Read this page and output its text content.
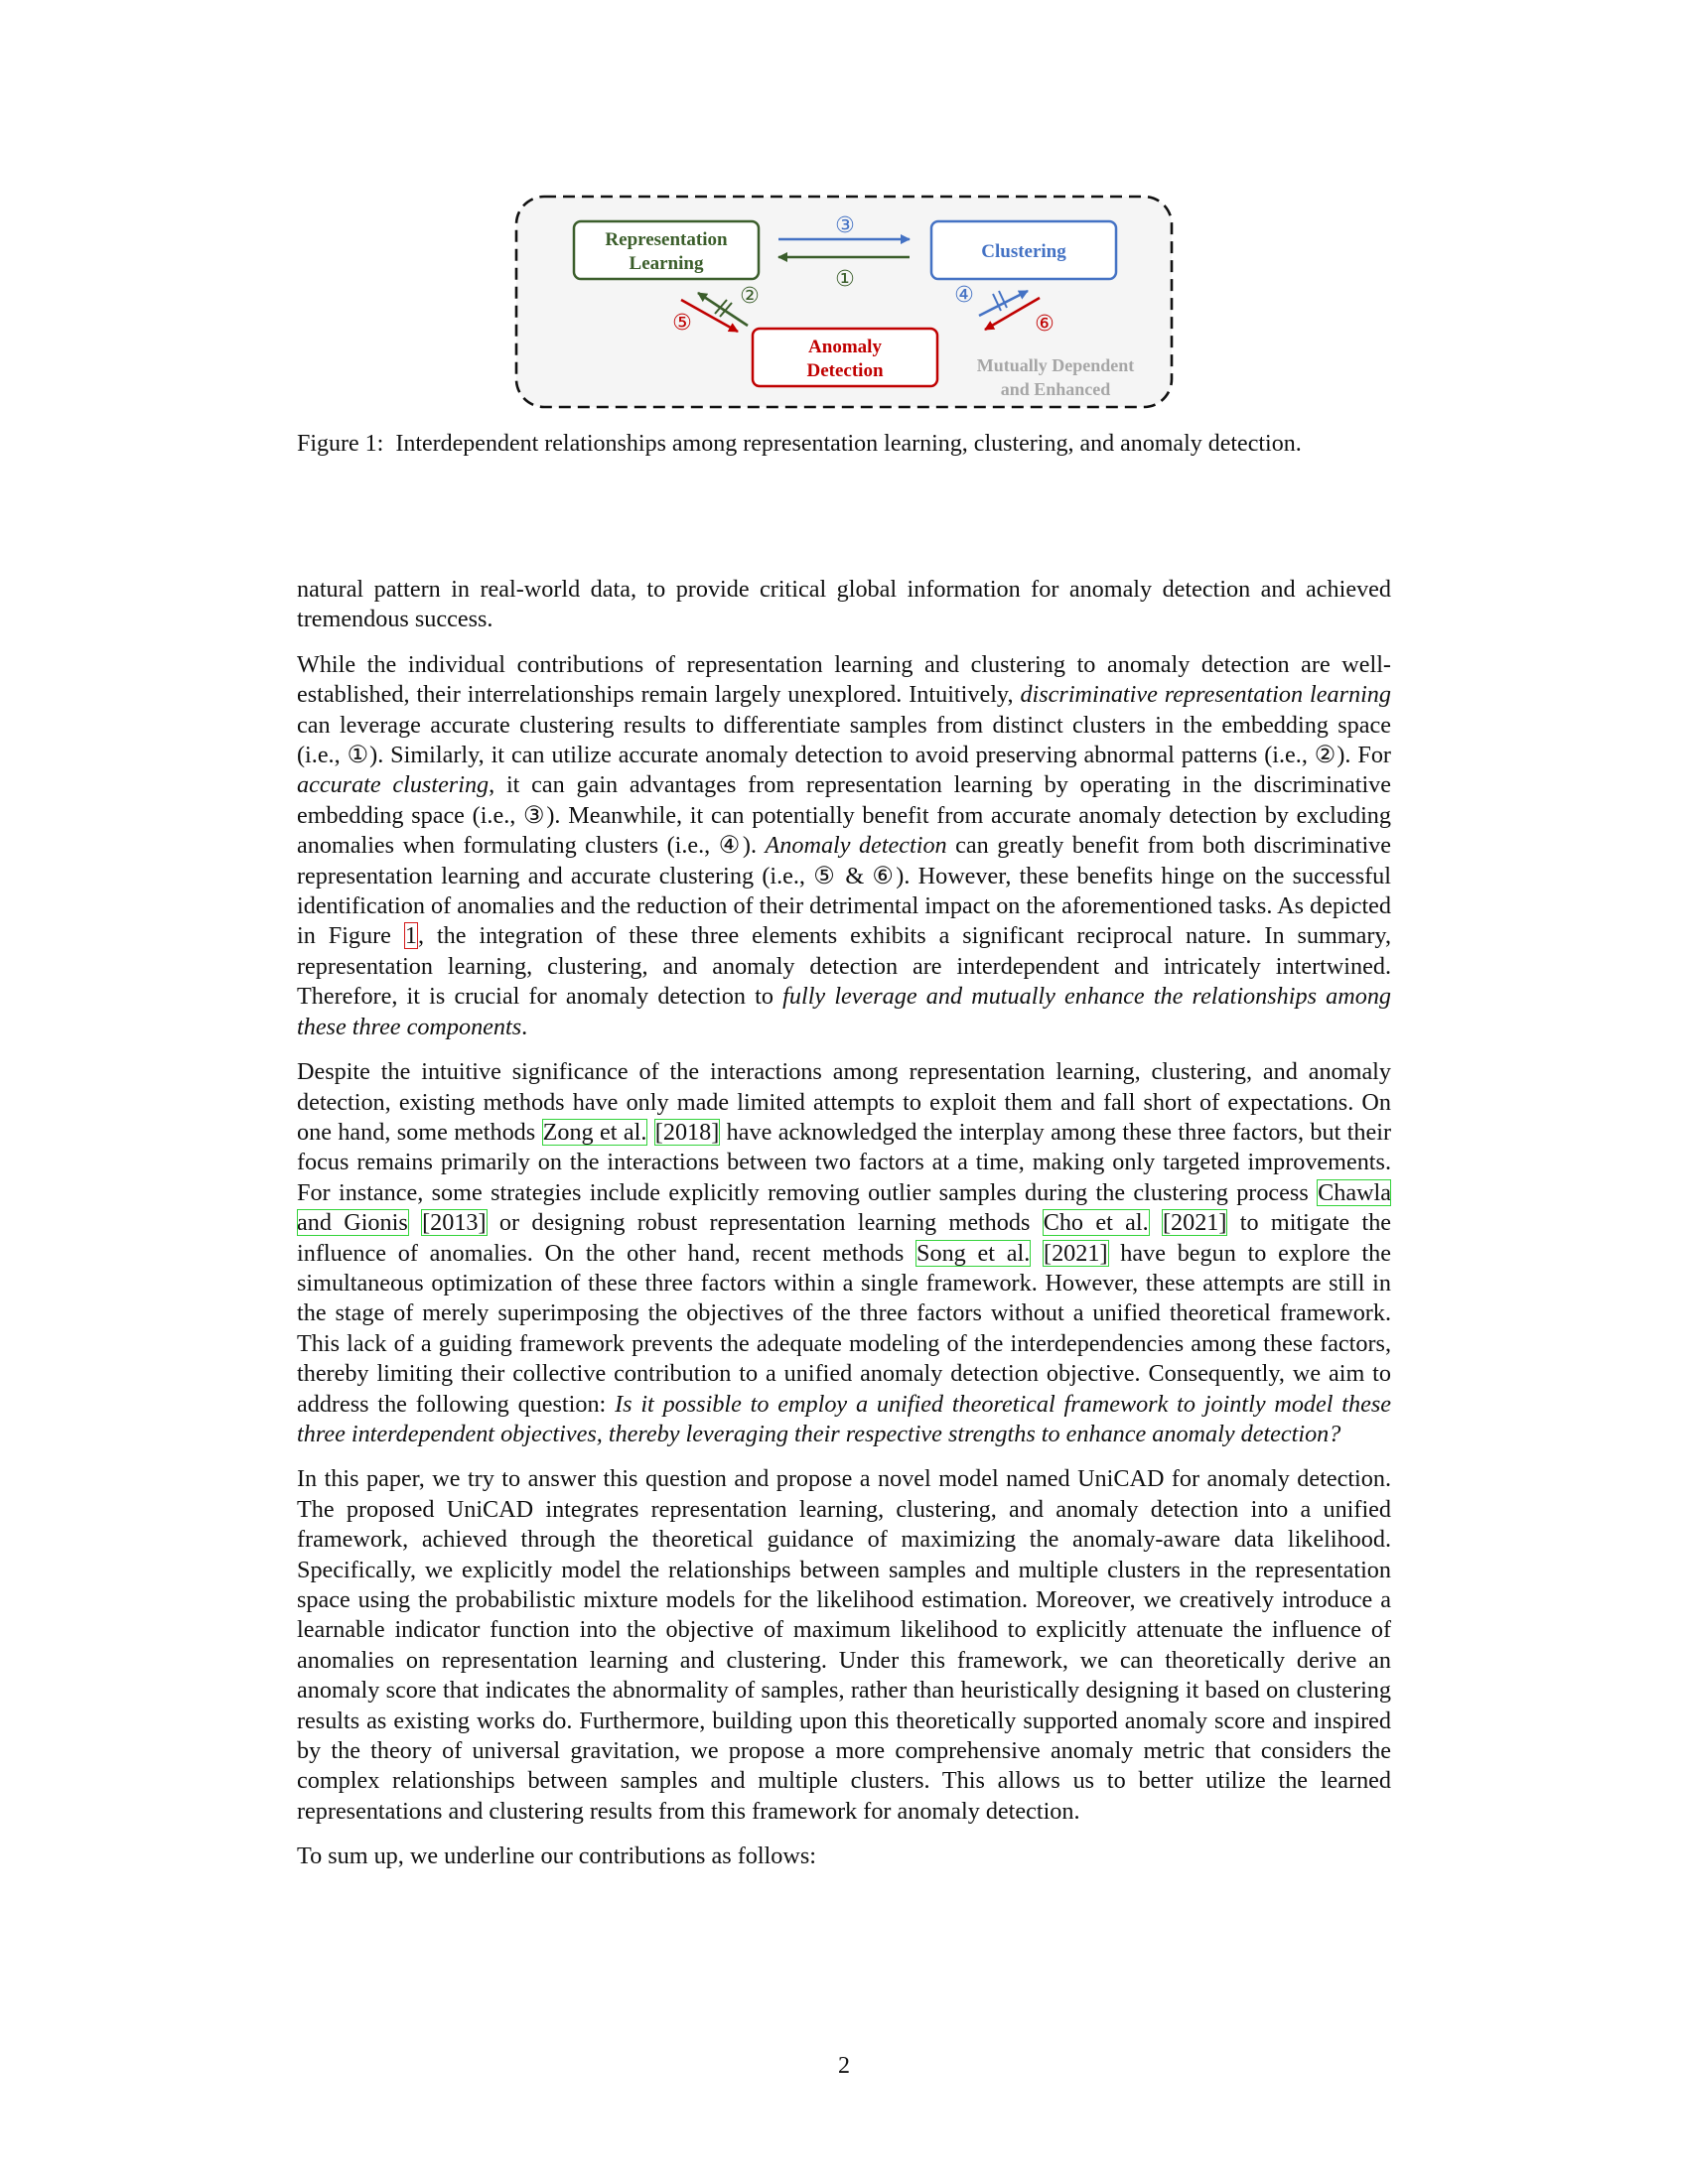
Representation
Learning
Clustering
Anomaly
Detection
③
①
②
⑤
④
⑥
Mutually Dependent
and Enhanced
Figure 1: Interdependent relationships among representation learning, clustering, and anomaly detection.

natural pattern in real-world data, to provide critical global information for anomaly detection and achieved tremendous success.

While the individual contributions of representation learning and clustering to anomaly detection are well-established, their interrelationships remain largely unexplored. Intuitively, discriminative representation learning can leverage accurate clustering results to differentiate samples from distinct clusters in the embedding space (i.e., ①). Similarly, it can utilize accurate anomaly detection to avoid preserving abnormal patterns (i.e., ②). For accurate clustering, it can gain advantages from representation learning by operating in the discriminative embedding space (i.e., ③). Meanwhile, it can potentially benefit from accurate anomaly detection by excluding anomalies when formulating clusters (i.e., ④). Anomaly detection can greatly benefit from both discriminative representation learning and accurate clustering (i.e., ⑤ & ⑥). However, these benefits hinge on the successful identification of anomalies and the reduction of their detrimental impact on the aforementioned tasks. As depicted in Figure 1, the integration of these three elements exhibits a significant reciprocal nature. In summary, representation learning, clustering, and anomaly detection are interdependent and intricately intertwined. Therefore, it is crucial for anomaly detection to fully leverage and mutually enhance the relationships among these three components.

Despite the intuitive significance of the interactions among representation learning, clustering, and anomaly detection, existing methods have only made limited attempts to exploit them and fall short of expectations. On one hand, some methods Zong et al. [2018] have acknowledged the interplay among these three factors, but their focus remains primarily on the interactions between two factors at a time, making only targeted improvements. For instance, some strategies include explicitly removing outlier samples during the clustering process Chawla and Gionis [2013] or designing robust representation learning methods Cho et al. [2021] to mitigate the influence of anomalies. On the other hand, recent methods Song et al. [2021] have begun to explore the simultaneous optimization of these three factors within a single framework. However, these attempts are still in the stage of merely superimposing the objectives of the three factors without a unified theoretical framework. This lack of a guiding framework prevents the adequate modeling of the interdependencies among these factors, thereby limiting their collective contribution to a unified anomaly detection objective. Consequently, we aim to address the following question: Is it possible to employ a unified theoretical framework to jointly model these three interdependent objectives, thereby leveraging their respective strengths to enhance anomaly detection?

In this paper, we try to answer this question and propose a novel model named UniCAD for anomaly detection. The proposed UniCAD integrates representation learning, clustering, and anomaly detection into a unified framework, achieved through the theoretical guidance of maximizing the anomaly-aware data likelihood. Specifically, we explicitly model the relationships between samples and multiple clusters in the representation space using the probabilistic mixture models for the likelihood estimation. Moreover, we creatively introduce a learnable indicator function into the objective of maximum likelihood to explicitly attenuate the influence of anomalies on representation learning and clustering. Under this framework, we can theoretically derive an anomaly score that indicates the abnormality of samples, rather than heuristically designing it based on clustering results as existing works do. Furthermore, building upon this theoretically supported anomaly score and inspired by the theory of universal gravitation, we propose a more comprehensive anomaly metric that considers the complex relationships between samples and multiple clusters. This allows us to better utilize the learned representations and clustering results from this framework for anomaly detection.

To sum up, we underline our contributions as follows:

2
